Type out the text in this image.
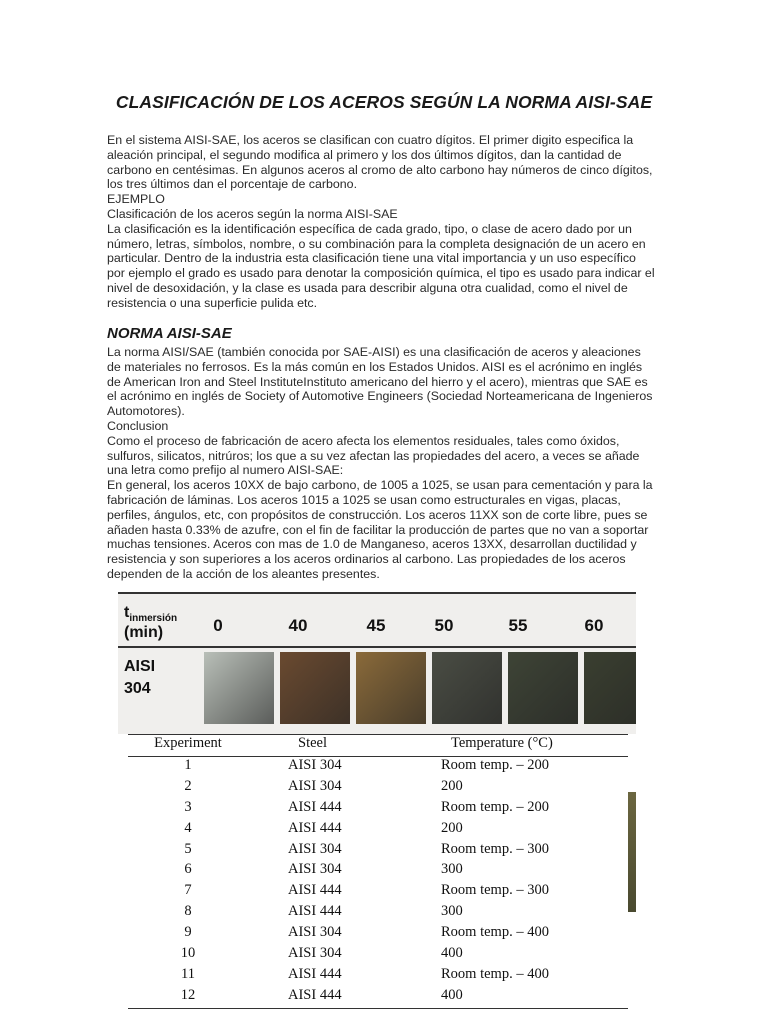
CLASIFICACIÓN DE LOS ACEROS SEGÚN LA NORMA AISI-SAE
En el sistema AISI-SAE, los aceros se clasifican con cuatro dígitos. El primer digito especifica la
aleación principal, el segundo modifica al primero y los dos últimos dígitos, dan la cantidad de
carbono en centésimas. En algunos aceros al cromo de alto carbono hay números de cinco dígitos,
los tres últimos dan el porcentaje de carbono.
EJEMPLO
Clasificación de los aceros según la norma AISI-SAE
La clasificación es la identificación específica de cada grado, tipo, o clase de acero dado por un
número, letras, símbolos, nombre, o su combinación para la completa designación de un acero en
particular. Dentro de la industria esta clasificación tiene una vital importancia y un uso específico
por ejemplo el grado es usado para denotar la composición química, el tipo es usado para indicar el
nivel de desoxidación, y la clase es usada para describir alguna otra cualidad, como el nivel de
resistencia o una superficie pulida etc.
NORMA AISI-SAE
La norma AISI/SAE (también conocida por SAE-AISI) es una clasificación de aceros y aleaciones
de materiales no ferrosos. Es la más común en los Estados Unidos. AISI es el acrónimo en inglés
de American Iron and Steel InstituteInstituto americano del hierro y el acero), mientras que SAE es
el acrónimo en inglés de Society of Automotive Engineers (Sociedad Norteamericana de Ingenieros
Automotores).
Conclusion
Como el proceso de fabricación de acero afecta los elementos residuales, tales como óxidos,
sulfuros, silicatos, nitrúros; los que a su vez afectan las propiedades del acero, a veces se añade
una letra como prefijo al numero AISI-SAE:
En general, los aceros 10XX de bajo carbono, de 1005 a 1025, se usan para cementación y para la
fabricación de láminas. Los aceros 1015 a 1025 se usan como estructurales en vigas, placas,
perfiles, ángulos, etc, con propósitos de construcción. Los aceros 11XX son de corte libre, pues se
añaden hasta 0.33% de azufre, con el fin de facilitar la producción de partes que no van a soportar
muchas tensiones. Aceros con mas de 1.0 de Manganeso, aceros 13XX, desarrollan ductilidad y
resistencia y son superiores a los aceros ordinarios al carbono. Las propiedades de los aceros
dependen de la acción de los aleantes presentes.
$t_{inmersión}$
(min)	0	40	45	50	55	60
AISI
304
Experiment	Steel	Temperature (°C)
1	AISI 304	Room temp. – 200
2	AISI 304	200
3	AISI 444	Room temp. – 200
4	AISI 444	200
5	AISI 304	Room temp. – 300
6	AISI 304	300
7	AISI 444	Room temp. – 300
8	AISI 444	300
9	AISI 304	Room temp. – 400
10	AISI 304	400
11	AISI 444	Room temp. – 400
12	AISI 444	400
